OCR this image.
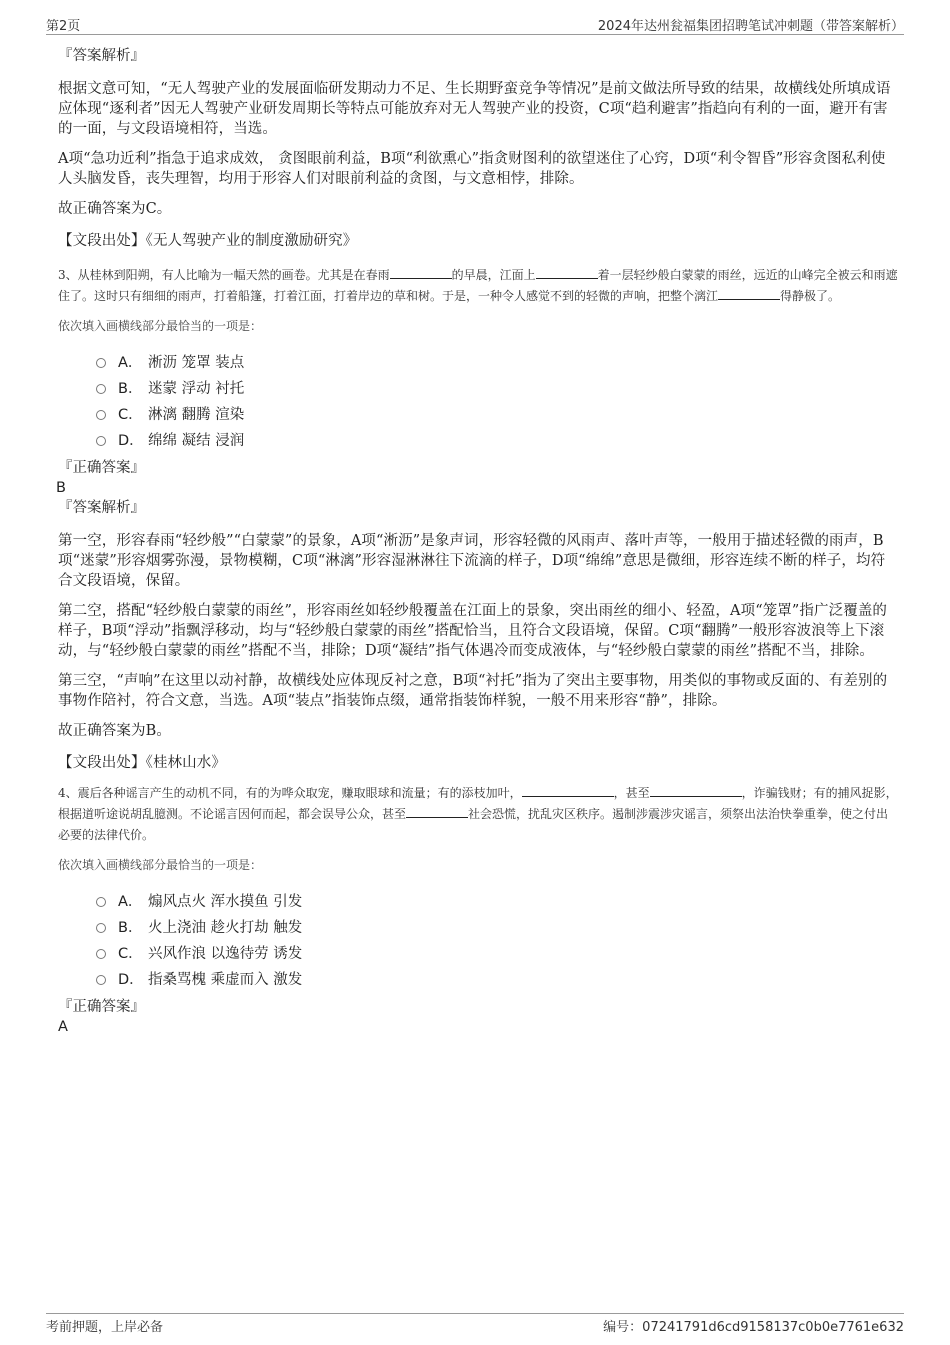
第2页	2024年达州瓮福集团招聘笔试冲刺题（带答案解析）

『答案解析』

根据文意可知，“无人驾驶产业的发展面临研发期动力不足、生长期野蛮竞争等情况”是前文做法所导致的结果，故横线处所填成语应体现“逐利者”因无人驾驶产业研发周期长等特点可能放弃对无人驾驶产业的投资，C项“趋利避害”指趋向有利的一面，避开有害的一面，与文段语境相符，当选。

A项“急功近利”指急于追求成效， 贪图眼前利益，B项“利欲熏心”指贪财图利的欲望迷住了心窍，D项“利令智昏”形容贪图私利使人头脑发昏，丧失理智，均用于形容人们对眼前利益的贪图，与文意相悖，排除。

故正确答案为C。

【文段出处】《无人驾驶产业的制度激励研究》

3、从桂林到阳朔，有人比喻为一幅天然的画卷。尤其是在春雨	的早晨，江面上	着一层轻纱般白蒙蒙的雨丝，远近的山峰完全被云和雨遮住了。这时只有细细的雨声，打着船篷，打着江面，打着岸边的草和树。于是，一种令人感觉不到的轻微的声响，把整个漓江	得静极了。

依次填入画横线部分最恰当的一项是：

A． 淅沥 笼罩 装点
B． 迷蒙 浮动 衬托
C． 淋漓 翻腾 渲染
D． 绵绵 凝结 浸润

『正确答案』

B

『答案解析』

第一空，形容春雨“轻纱般”“白蒙蒙”的景象，A项“淅沥”是象声词，形容轻微的风雨声、落叶声等，一般用于描述轻微的雨声，B项“迷蒙”形容烟雾弥漫，景物模糊，C项“淋漓”形容湿淋淋往下流滴的样子，D项“绵绵”意思是微细，形容连续不断的样子，均符合文段语境，保留。

第二空，搭配“轻纱般白蒙蒙的雨丝”，形容雨丝如轻纱般覆盖在江面上的景象，突出雨丝的细小、轻盈，A项“笼罩”指广泛覆盖的样子，B项“浮动”指飘浮移动，均与“轻纱般白蒙蒙的雨丝”搭配恰当，且符合文段语境，保留。C项“翻腾”一般形容波浪等上下滚动，与“轻纱般白蒙蒙的雨丝”搭配不当，排除；D项“凝结”指气体遇冷而变成液体，与“轻纱般白蒙蒙的雨丝”搭配不当，排除。

第三空，“声响”在这里以动衬静，故横线处应体现反衬之意，B项“衬托”指为了突出主要事物，用类似的事物或反面的、有差别的事物作陪衬，符合文意，当选。A项“装点”指装饰点缀，通常指装饰样貌，一般不用来形容“静”，排除。

故正确答案为B。

【文段出处】《桂林山水》

4、震后各种谣言产生的动机不同，有的为哗众取宠，赚取眼球和流量；有的添枝加叶，	，甚至	，诈骗钱财；有的捕风捉影，根据道听途说胡乱臆测。不论谣言因何而起，都会误导公众，甚至	社会恐慌，扰乱灾区秩序。遏制涉震涉灾谣言，须祭出法治快拳重拳，使之付出必要的法律代价。

依次填入画横线部分最恰当的一项是：

A． 煽风点火 浑水摸鱼 引发
B． 火上浇油 趁火打劫 触发
C． 兴风作浪 以逸待劳 诱发
D． 指桑骂槐 乘虚而入 激发

『正确答案』

A

考前押题，上岸必备	编号：07241791d6cd9158137c0b0e7761e632
